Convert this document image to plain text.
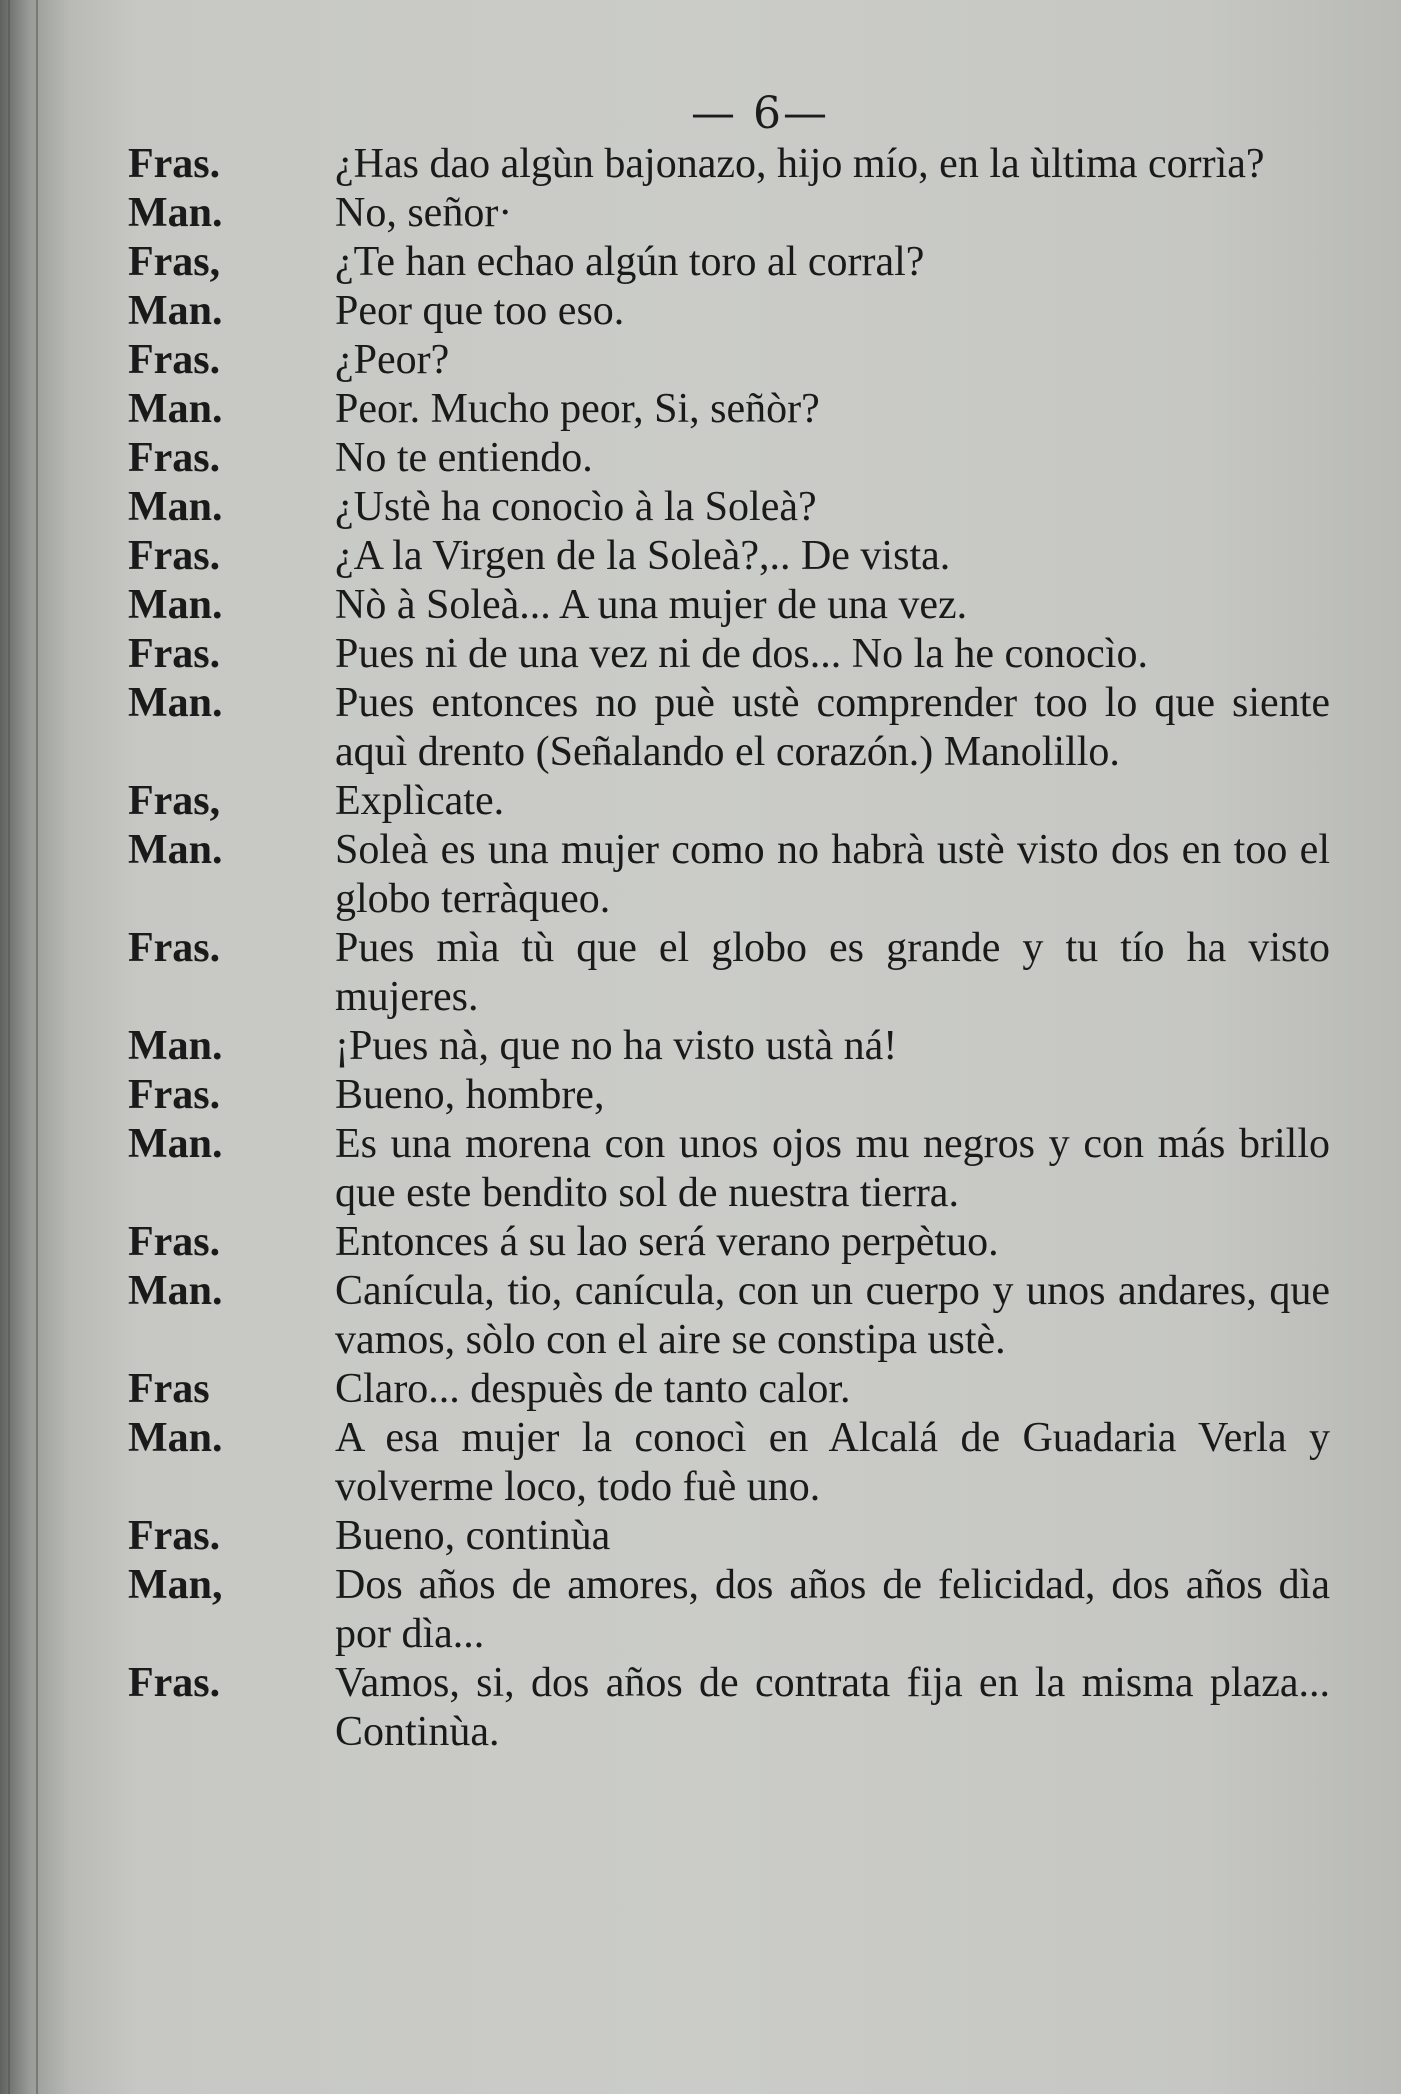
— 6—
Fras.	¿Has dao algùn bajonazo, hijo mío, en la ùltima corrìa?
Man.	No, señor·
Fras,	¿Te han echao algún toro al corral?
Man.	Peor que too eso.
Fras.	¿Peor?
Man.	Peor. Mucho peor, Si, señòr?
Fras.	No te entiendo.
Man.	¿Ustè ha conocìo à la Soleà?
Fras.	¿A la Virgen de la Soleà?,.. De vista.
Man.	Nò à Soleà... A una mujer de una vez.
Fras.	Pues ni de una vez ni de dos... No la he conocìo.
Man.	Pues entonces no puè ustè comprender too lo que siente aquì drento (Señalando el corazón.) Manolillo.
Fras,	Explìcate.
Man.	Soleà es una mujer como no habrà ustè visto dos en too el globo terràqueo.
Fras.	Pues mìa tù que el globo es grande y tu tío ha visto mujeres.
Man.	¡Pues nà, que no ha visto ustà ná!
Fras.	Bueno, hombre,
Man.	Es una morena con unos ojos mu negros y con más brillo que este bendito sol de nuestra tierra.
Fras.	Entonces á su lao será verano perpètuo.
Man.	Canícula, tio, canícula, con un cuerpo y unos andares, que vamos, sòlo con el aire se constipa ustè.
Fras	Claro... despuès de tanto calor.
Man.	A esa mujer la conocì en Alcalá de Guadaria Verla y volverme loco, todo fuè uno.
Fras.	Bueno, continùa
Man,	Dos años de amores, dos años de felicidad, dos años dìa por dìa...
Fras.	Vamos, si, dos años de contrata fija en la misma plaza... Continùa.
